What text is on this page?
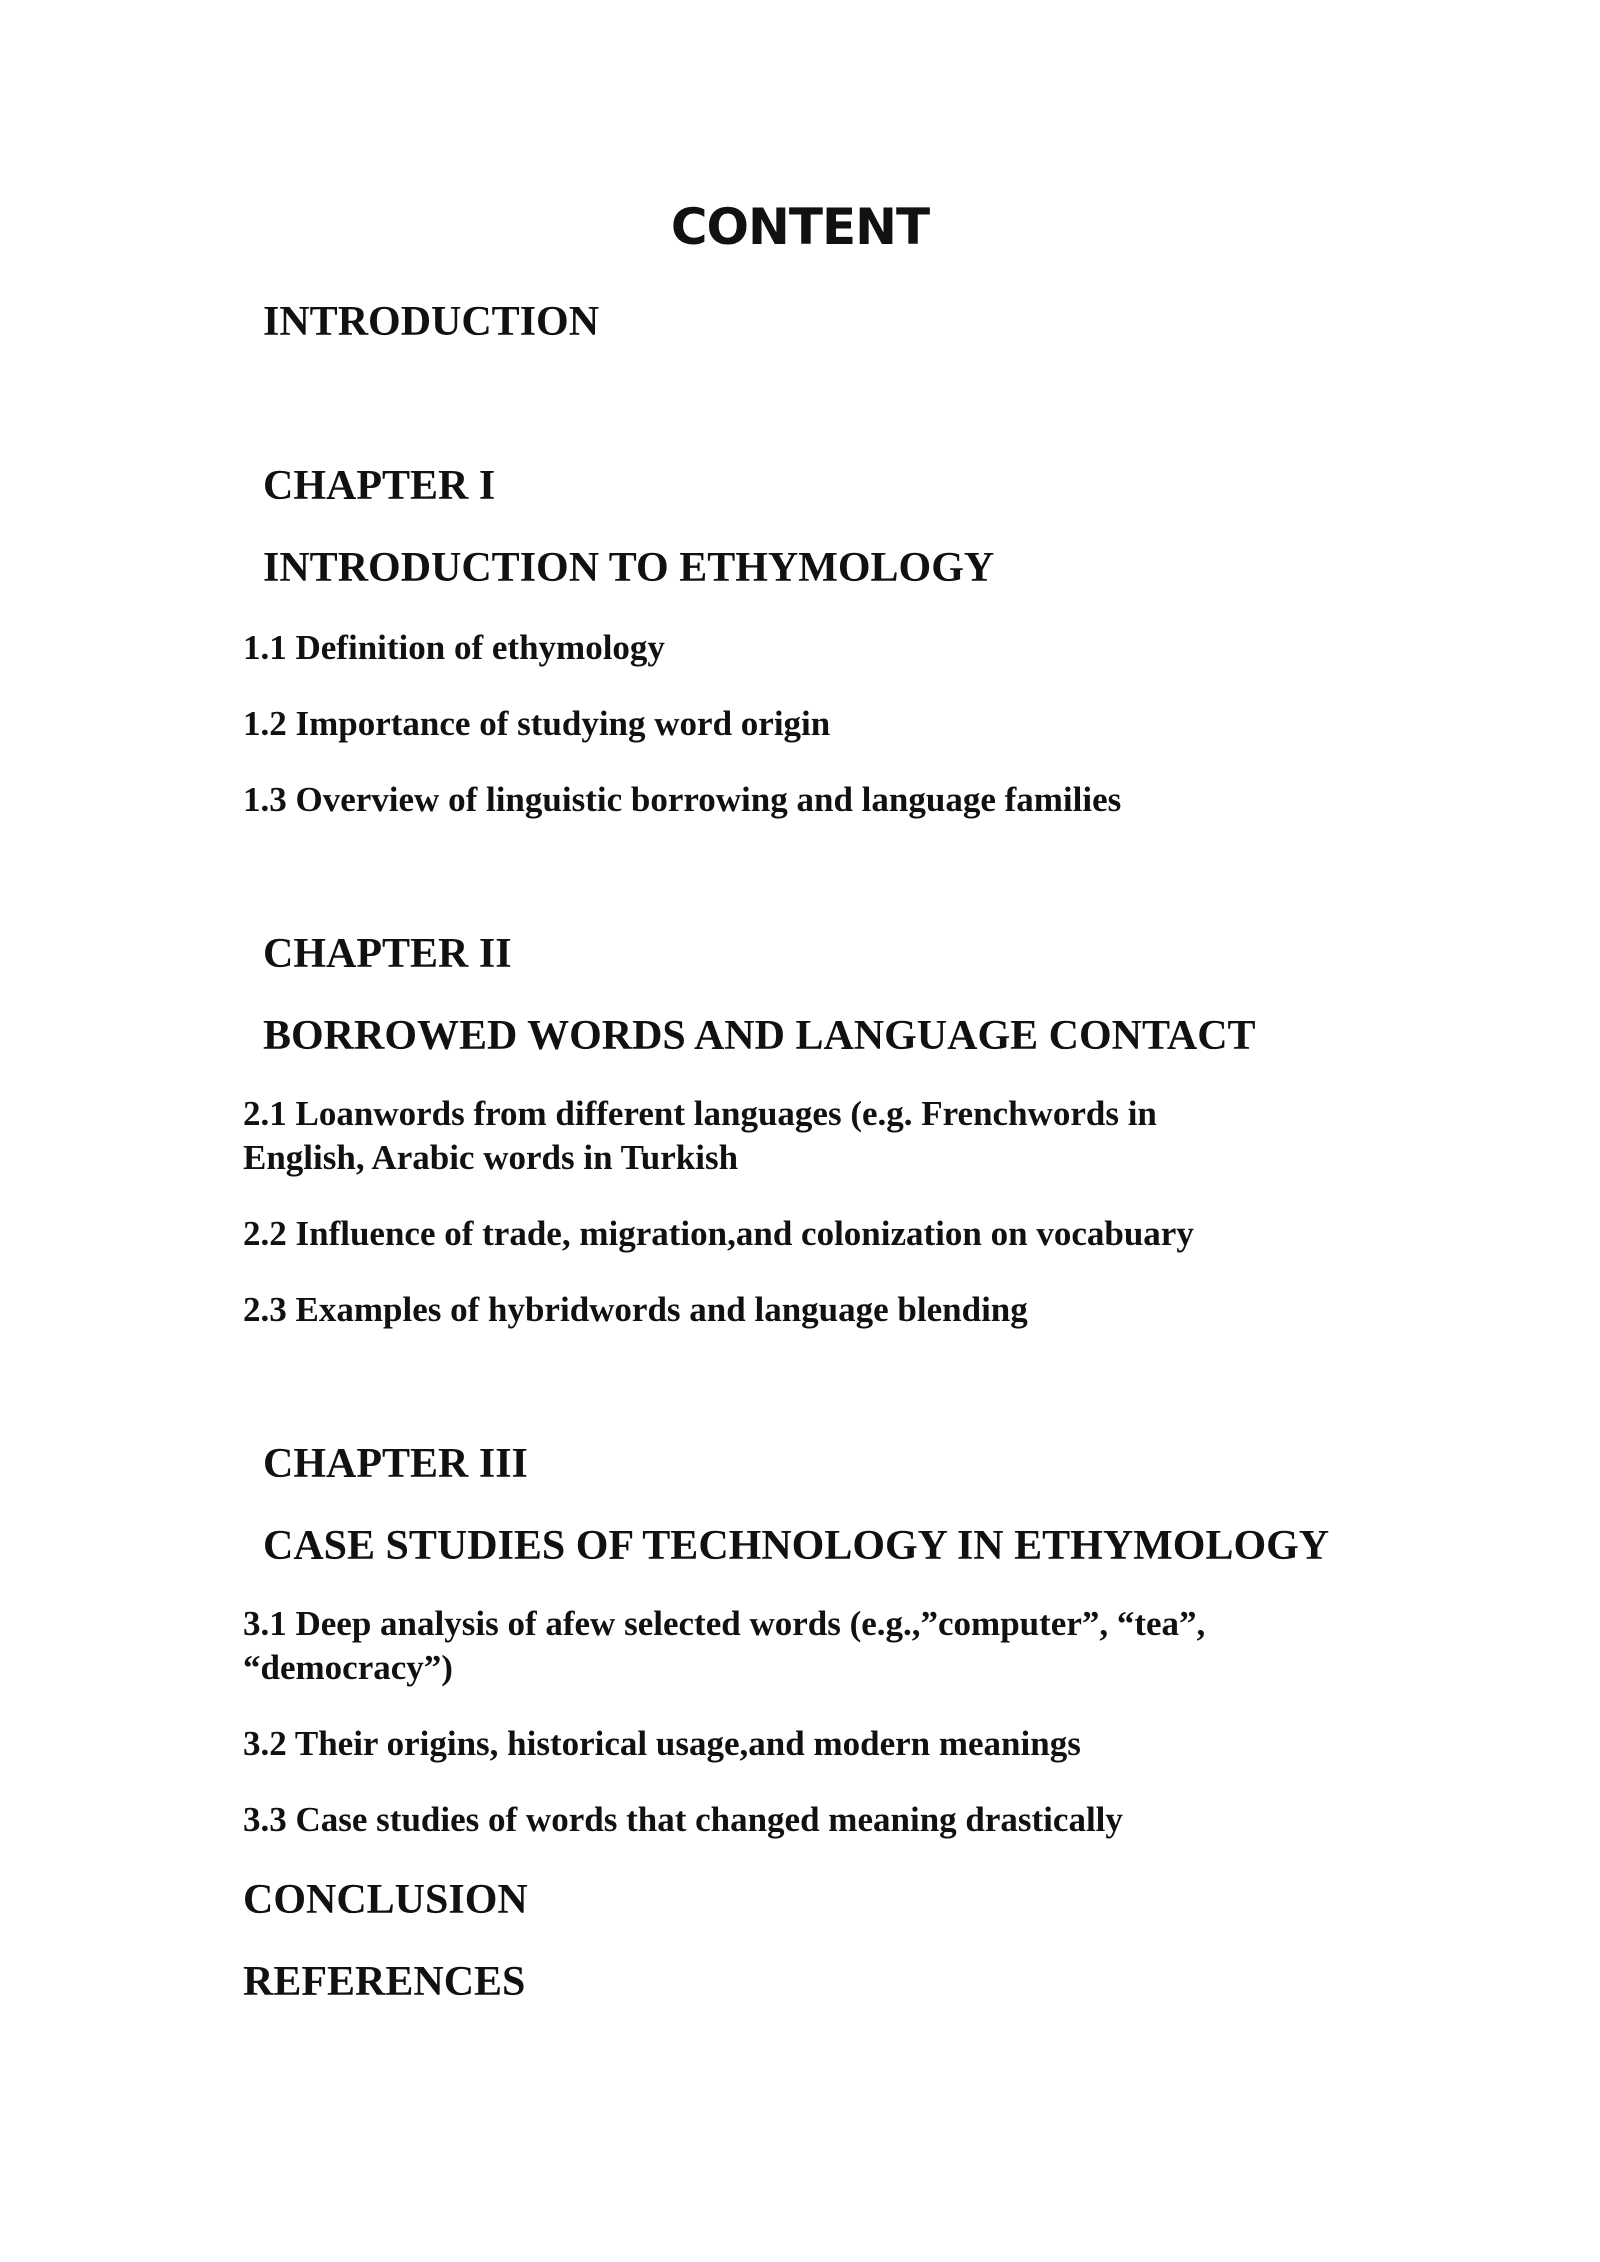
CONTENT

INTRODUCTION

CHAPTER I

INTRODUCTION TO ETHYMOLOGY

1.1 Definition of ethymology

1.2 Importance of studying word origin

1.3 Overview of linguistic borrowing and language families

CHAPTER II

BORROWED WORDS AND LANGUAGE CONTACT

2.1 Loanwords from different languages (e.g. Frenchwords in

English, Arabic words in Turkish

2.2 Influence of trade, migration,and colonization on vocabuary

2.3 Examples of hybridwords and language blending

CHAPTER III

CASE STUDIES OF TECHNOLOGY IN ETHYMOLOGY

3.1 Deep analysis of afew selected words (e.g.,”computer”, “tea”,

“democracy”)

3.2 Their origins, historical usage,and modern meanings

3.3 Case studies of words that changed meaning drastically

CONCLUSION

REFERENCES
